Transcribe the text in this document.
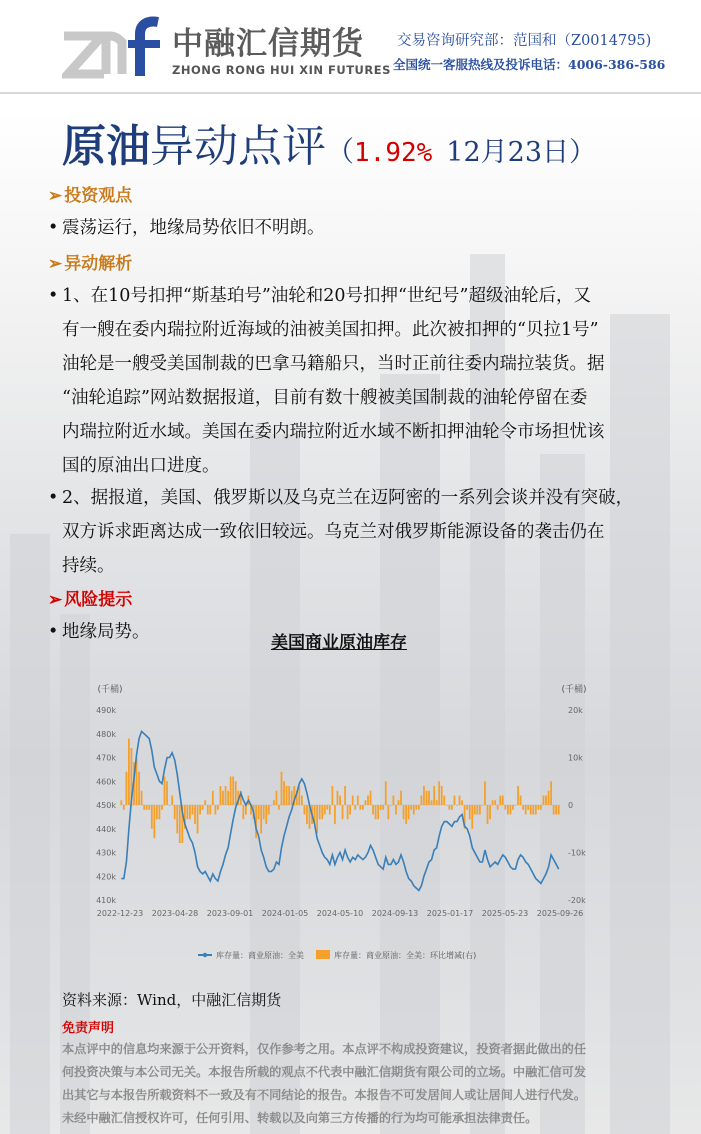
中融汇信期货
ZHONG RONG HUI XIN FUTURES
交易咨询研究部：范国和（Z0014795)
全国统一客服热线及投诉电话：4006-386-586
原油异动点评（1.92% 12月23日）
➢ 投资观点
• 震荡运行，地缘局势依旧不明朗。
➢ 异动解析
• 1、在10号扣押“斯基珀号”油轮和20号扣押“世纪号”超级油轮后，又
有一艘在委内瑞拉附近海域的油被美国扣押。此次被扣押的“贝拉1号”
油轮是一艘受美国制裁的巴拿马籍船只，当时正前往委内瑞拉装货。据
“油轮追踪”网站数据报道，目前有数十艘被美国制裁的油轮停留在委
内瑞拉附近水域。美国在委内瑞拉附近水域不断扣押油轮令市场担忧该
国的原油出口进度。
• 2、据报道，美国、俄罗斯以及乌克兰在迈阿密的一系列会谈并没有突破，
双方诉求距离达成一致依旧较远。乌克兰对俄罗斯能源设备的袭击仍在
持续。
➢ 风险提示
• 地缘局势。
美国商业原油库存
(千桶)	(千桶)
490k
480k
470k
460k
450k
440k
430k
420k
410k
20k
10k
0
-10k
-20k
2022-12-23 2023-04-28 2023-09-01 2024-01-05 2024-05-10 2024-09-13 2025-01-17 2025-05-23 2025-09-26
库存量：商业原油：全美	库存量：商业原油：全美：环比增减(右)
资料来源：Wind，中融汇信期货
免责声明
本点评中的信息均来源于公开资料，仅作参考之用。本点评不构成投资建议，投资者据此做出的任
何投资决策与本公司无关。本报告所载的观点不代表中融汇信期货有限公司的立场。中融汇信可发
出其它与本报告所载资料不一致及有不同结论的报告。本报告不可发居间人或让居间人进行代发。
未经中融汇信授权许可，任何引用、转载以及向第三方传播的行为均可能承担法律责任。
